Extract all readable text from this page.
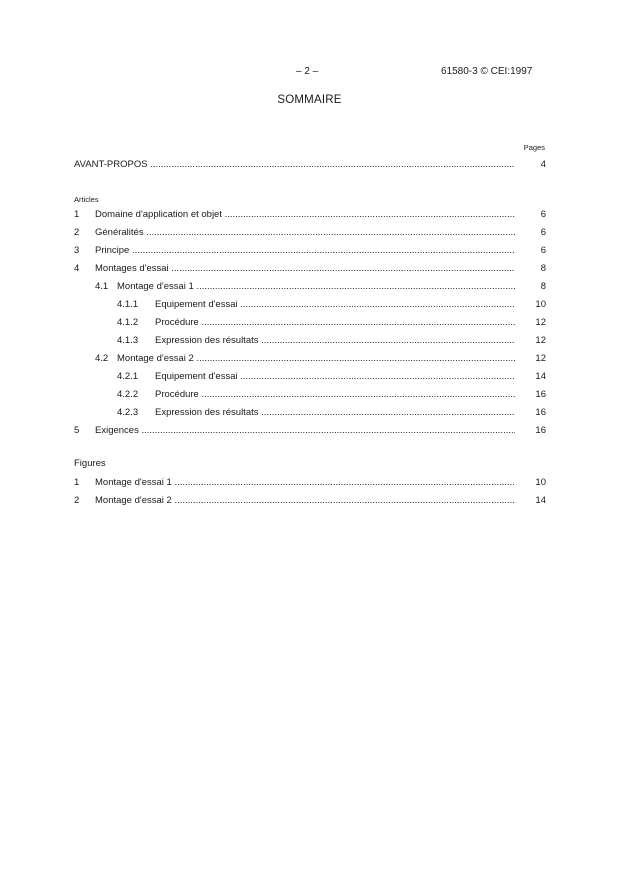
– 2 –	61580-3 © CEI:1997
SOMMAIRE
Pages
AVANT-PROPOS .....	4
Articles
1 Domaine d'application et objet .....	6
2 Généralités .....	6
3 Principe .....	6
4 Montages d'essai .....	8
4.1 Montage d'essai 1 .....	8
4.1.1 Equipement d'essai .....	10
4.1.2 Procédure .....	12
4.1.3 Expression des résultats .....	12
4.2 Montage d'essai 2 .....	12
4.2.1 Equipement d'essai .....	14
4.2.2 Procédure .....	16
4.2.3 Expression des résultats .....	16
5 Exigences .....	16
Figures
1 Montage d'essai 1 .....	10
2 Montage d'essai 2 .....	14
